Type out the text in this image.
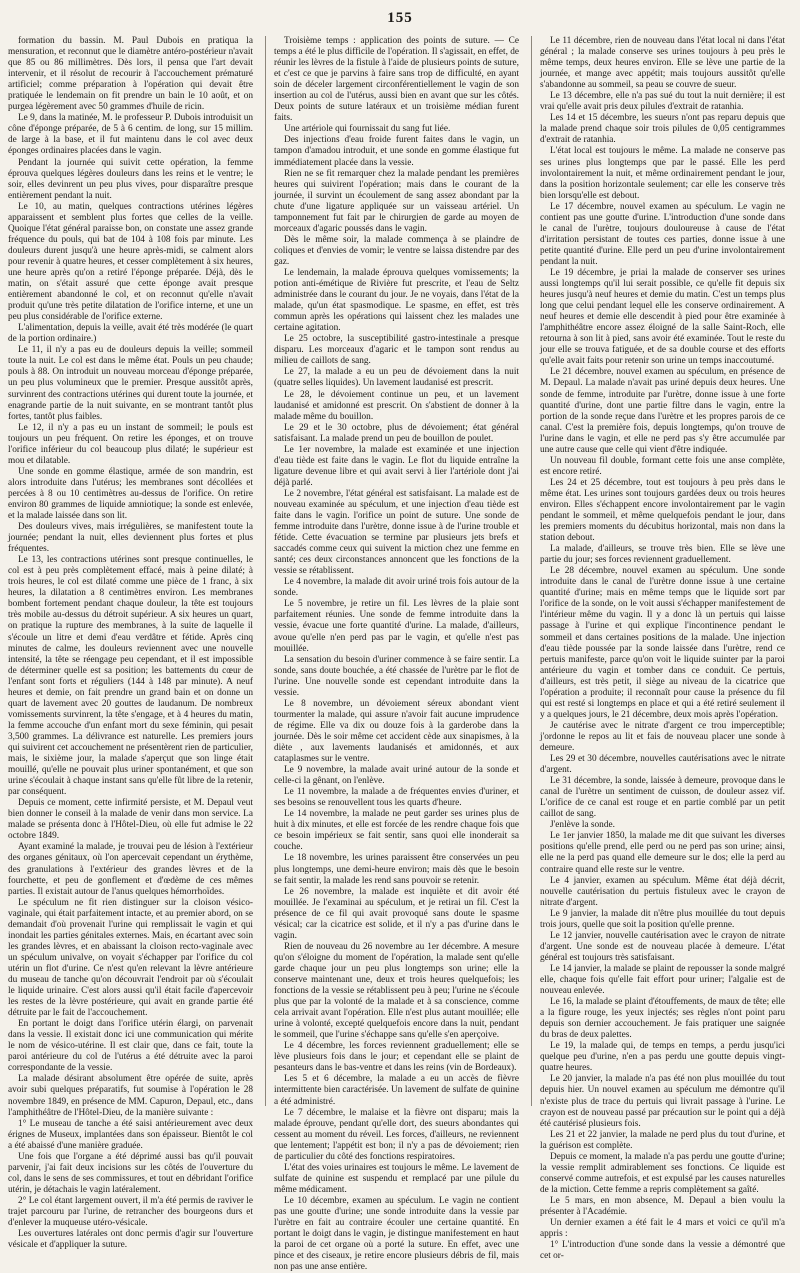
155

formation du bassin. M. Paul Dubois en pratiqua la mensuration, et reconnut que le diamètre antéro-postérieur n'avait que 85 ou 86 millimètres. Dès lors, il pensa que l'art devait intervenir, et il résolut de recourir à l'accouchement prématuré artificiel; comme préparation à l'opération qui devait être pratiquée le lendemain on fit prendre un bain le 10 août, et on purgea légèrement avec 50 grammes d'huile de ricin.

Le 9, dans la matinée, M. le professeur P. Dubois introduisit un cône d'éponge préparée, de 5 à 6 centim. de long, sur 15 millim. de large à la base, et il fut maintenu dans le col avec deux éponges ordinaires placées dans le vagin.

Pendant la journée qui suivit cette opération, la femme éprouva quelques légères douleurs dans les reins et le ventre; le soir, elles devinrent un peu plus vives, pour disparaître presque entièrement pendant la nuit.

Le 10, au matin, quelques contractions utérines légères apparaissent et semblent plus fortes que celles de la veille. Quoique l'état général paraisse bon, on constate une assez grande fréquence du pouls, qui bat de 104 à 108 fois par minute. Les douleurs durent jusqu'à une heure après-midi, se calment alors pour revenir à quatre heures, et cesser complètement à six heures, une heure après qu'on a retiré l'éponge préparée. Déjà, dès le matin, on s'était assuré que cette éponge avait presque entièrement abandonné le col, et on reconnut qu'elle n'avait produit qu'une très petite dilatation de l'orifice interne, et une un peu plus considérable de l'orifice externe.

L'alimentation, depuis la veille, avait été très modérée (le quart de la portion ordinaire.)

Le 11, il n'y a pas eu de douleurs depuis la veille; sommeil toute la nuit. Le col est dans le même état. Pouls un peu chaude; pouls à 88. On introduit un nouveau morceau d'éponge préparée, un peu plus volumineux que le premier. Presque aussitôt après, survinrent des contractions utérines qui durent toute la journée, et enagrande partie de la nuit suivante, en se montrant tantôt plus fortes, tantôt plus faibles.

Le 12, il n'y a pas eu un instant de sommeil; le pouls est toujours un peu fréquent. On retire les éponges, et on trouve l'orifice inférieur du col beaucoup plus dilaté; le supérieur est mou et dilatable.

Une sonde en gomme élastique, armée de son mandrin, est alors introduite dans l'utérus; les membranes sont décollées et percées à 8 ou 10 centimètres au-dessus de l'orifice. On retire environ 80 grammes de liquide amniotique; la sonde est enlevée, et la malade laissée dans son lit.

Des douleurs vives, mais irrégulières, se manifestent toute la journée; pendant la nuit, elles deviennent plus fortes et plus fréquentes.

Le 13, les contractions utérines sont presque continuelles, le col est à peu près complètement effacé, mais à peine dilaté; à trois heures, le col est dilaté comme une pièce de 1 franc, à six heures, la dilatation a 8 centimètres environ. Les membranes bombent fortement pendant chaque douleur, la tête est toujours très mobile au-dessus du détroit supérieur. A six heures un quart, on pratique la rupture des membranes, à la suite de laquelle il s'écoule un litre et demi d'eau verdâtre et fétide. Après cinq minutes de calme, les douleurs reviennent avec une nouvelle intensité, la tête se réengage peu cependant, et il est impossible de déterminer quelle est sa position; les battements du cœur de l'enfant sont forts et réguliers (144 à 148 par minute). A neuf heures et demie, on fait prendre un grand bain et on donne un quart de lavement avec 20 gouttes de laudanum. De nombreux vomissements survinrent, la tête s'engage, et à 4 heures du matin, la femme accouche d'un enfant mort du sexe féminin, qui pesait 3,500 grammes. La délivrance est naturelle. Les premiers jours qui suivirent cet accouchement ne présentèrent rien de particulier, mais, le sixième jour, la malade s'aperçut que son linge était mouillé, qu'elle ne pouvait plus uriner spontanément, et que son urine s'écoulait à chaque instant sans qu'elle fût libre de la retenir, par conséquent.

Depuis ce moment, cette infirmité persiste, et M. Depaul veut bien donner le conseil à la malade de venir dans mon service. La malade se présenta donc à l'Hôtel-Dieu, où elle fut admise le 22 octobre 1849.

Ayant examiné la malade, je trouvai peu de lésion à l'extérieur des organes génitaux, où l'on apercevait cependant un érythème, des granulations à l'extérieur des grandes lèvres et de la fourchette, et peu de gonflement et d'œdème de ces mêmes parties. Il existait autour de l'anus quelques hémorrhoïdes.

Le spéculum ne fit rien distinguer sur la cloison vésico-vaginale, qui était parfaitement intacte, et au premier abord, on se demandait d'où provenait l'urine qui remplissait le vagin et qui inondait les parties génitales externes. Mais, en écartant avec soin les grandes lèvres, et en abaissant la cloison recto-vaginale avec un spéculum univalve, on voyait s'échapper par l'orifice du col utérin un flot d'urine. Ce n'est qu'en relevant la lèvre antérieure du museau de tanche qu'on découvrait l'endroit par où s'écoulait le liquide urinaire. C'est alors aussi qu'il était facile d'apercevoir les restes de la lèvre postérieure, qui avait en grande partie été détruite par le fait de l'accouchement.

En portant le doigt dans l'orifice utérin élargi, on parvenait dans la vessie. Il existait donc ici une communication qui mérite le nom de vésico-utérine. Il est clair que, dans ce fait, toute la paroi antérieure du col de l'utérus a été détruite avec la paroi correspondante de la vessie.

La malade désirant absolument être opérée de suite, après avoir subi quelques préparatifs, fut soumise à l'opération le 28 novembre 1849, en présence de MM. Capuron, Depaul, etc., dans l'amphithéâtre de l'Hôtel-Dieu, de la manière suivante :

1° Le museau de tanche a été saisi antérieurement avec deux érignes de Museux, implantées dans son épaisseur. Bientôt le col a été abaissé d'une manière graduée.

Une fois que l'organe a été déprimé aussi bas qu'il pouvait parvenir, j'ai fait deux incisions sur les côtés de l'ouverture du col, dans le sens de ses commissures, et tout en débridant l'orifice utérin, je détachais le vagin latéralement.

2° Le col étant largement ouvert, il m'a été permis de raviver le trajet parcouru par l'urine, de retrancher des bourgeons durs et d'enlever la muqueuse utéro-vésicale.

Les ouvertures latérales ont donc permis d'agir sur l'ouverture vésicale et d'appliquer la suture.

Troisième temps : application des points de suture. — Ce temps a été le plus difficile de l'opération. Il s'agissait, en effet, de réunir les lèvres de la fistule à l'aide de plusieurs points de suture, et c'est ce que je parvins à faire sans trop de difficulté, en ayant soin de déceler largement circonférentiellement le vagin de son insertion au col de l'utérus, aussi bien en avant que sur les côtés. Deux points de suture latéraux et un troisième médian furent faits.

Une artériole qui fournissait du sang fut liée.

Des injections d'eau froide furent faites dans le vagin, un tampon d'amadou introduit, et une sonde en gomme élastique fut immédiatement placée dans la vessie.

Rien ne se fit remarquer chez la malade pendant les premières heures qui suivirent l'opération; mais dans le courant de la journée, il survint un écoulement de sang assez abondant par la chute d'une ligature appliquée sur un vaisseau artériel. Un tamponnement fut fait par le chirurgien de garde au moyen de morceaux d'agaric poussés dans le vagin.

Dès le même soir, la malade commença à se plaindre de coliques et d'envies de vomir; le ventre se laissa distendre par des gaz.

Le lendemain, la malade éprouva quelques vomissements; la potion anti-émétique de Rivière fut prescrite, et l'eau de Seltz administrée dans le courant du jour. Je ne voyais, dans l'état de la malade, qu'un état spasmodique. Le spasme, en effet, est très commun après les opérations qui laissent chez les malades une certaine agitation.

Le 25 octobre, la susceptibilité gastro-intestinale a presque disparu. Les morceaux d'agaric et le tampon sont rendus au milieu de caillots de sang.

Le 27, la malade a eu un peu de dévoiement dans la nuit (quatre selles liquides). Un lavement laudanisé est prescrit.

Le 28, le dévoiement continue un peu, et un lavement laudanisé et amidonné est prescrit. On s'abstient de donner à la malade même du bouillon.

Le 29 et le 30 octobre, plus de dévoiement; état général satisfaisant. La malade prend un peu de bouillon de poulet.

Le 1er novembre, la malade est examinée et une injection d'eau tiède est faite dans le vagin. Le flot du liquide entraîne la ligature devenue libre et qui avait servi à lier l'artériole dont j'ai déjà parlé.

Le 2 novembre, l'état général est satisfaisant. La malade est de nouveau examinée au spéculum, et une injection d'eau tiède est faite dans le vagin. l'orifice un point de suture. Une sonde de femme introduite dans l'urètre, donne issue à de l'urine trouble et fétide. Cette évacuation se termine par plusieurs jets brefs et saccadés comme ceux qui suivent la miction chez une femme en santé; ces deux circonstances annoncent que les fonctions de la vessie se rétablissent.

Le 4 novembre, la malade dit avoir uriné trois fois autour de la sonde.

Le 5 novembre, je retire un fil. Les lèvres de la plaie sont parfaitement réunies. Une sonde de femme introduite dans la vessie, évacue une forte quantité d'urine. La malade, d'ailleurs, avoue qu'elle n'en perd pas par le vagin, et qu'elle n'est pas mouillée.

La sensation du besoin d'uriner commence à se faire sentir. La sonde, sans doute bouchée, a été chassée de l'urètre par le flot de l'urine. Une nouvelle sonde est cependant introduite dans la vessie.

Le 8 novembre, un dévoiement séreux abondant vient tourmenter la malade, qui assure n'avoir fait aucune imprudence de régime. Elle va dix ou douze fois à la garderobe dans la journée. Dès le soir même cet accident cède aux sinapismes, à la diète , aux lavements laudanisés et amidonnés, et aux cataplasmes sur le ventre.

Le 9 novembre, la malade avait uriné autour de la sonde et celle-ci la gênant, on l'enlève.

Le 11 novembre, la malade a de fréquentes envies d'uriner, et ses besoins se renouvellent tous les quarts d'heure.

Le 14 novembre, la malade ne peut garder ses urines plus de huit à dix minutes, et elle est forcée de les rendre chaque fois que ce besoin impérieux se fait sentir, sans quoi elle inonderait sa couche.

Le 18 novembre, les urines paraissent être conservées un peu plus longtemps, une demi-heure environ; mais dès que le besoin se fait sentir, la malade les rend sans pouvoir se retenir.

Le 26 novembre, la malade est inquiète et dit avoir été mouillée. Je l'examinai au spéculum, et je retirai un fil. C'est la présence de ce fil qui avait provoqué sans doute le spasme vésical; car la cicatrice est solide, et il n'y a pas d'urine dans le vagin.

Rien de nouveau du 26 novembre au 1er décembre. A mesure qu'on s'éloigne du moment de l'opération, la malade sent qu'elle garde chaque jour un peu plus longtemps son urine; elle la conserve maintenant une, deux et trois heures quelquefois; les fonctions de la vessie se rétablissent peu à peu; l'urine ne s'écoule plus que par la volonté de la malade et à sa conscience, comme cela arrivait avant l'opération. Elle n'est plus autant mouillée; elle urine à volonté, excepté quelquefois encore dans la nuit, pendant le sommeil, que l'urine s'échappe sans qu'elle s'en aperçoive.

Le 4 décembre, les forces reviennent graduellement; elle se lève plusieurs fois dans le jour; et cependant elle se plaint de pesanteurs dans le bas-ventre et dans les reins (vin de Bordeaux).

Les 5 et 6 décembre, la malade a eu un accès de fièvre intermittente bien caractérisée. Un lavement de sulfate de quinine a été administré.

Le 7 décembre, le malaise et la fièvre ont disparu; mais la malade éprouve, pendant qu'elle dort, des sueurs abondantes qui cessent au moment du réveil. Les forces, d'ailleurs, ne reviennent que lentement; l'appétit est bon; il n'y a pas de dévoiement; rien de particulier du côté des fonctions respiratoires.

L'état des voies urinaires est toujours le même. Le lavement de sulfate de quinine est suspendu et remplacé par une pilule du même médicament.

Le 10 décembre, examen au spéculum. Le vagin ne contient pas une goutte d'urine; une sonde introduite dans la vessie par l'urètre en fait au contraire écouler une certaine quantité. En portant le doigt dans le vagin, je distingue manifestement en haut la paroi de cet organe où a porté la suture. En effet, avec une pince et des ciseaux, je retire encore plusieurs débris de fil, mais non pas une anse entière.

Le 11 décembre, rien de nouveau dans l'état local ni dans l'état général ; la malade conserve ses urines toujours à peu près le même temps, deux heures environ. Elle se lève une partie de la journée, et mange avec appétit; mais toujours aussitôt qu'elle s'abandonne au sommeil, sa peau se couvre de sueur.

Le 13 décembre, elle n'a pas sué du tout la nuit dernière; il est vrai qu'elle avait pris deux pilules d'extrait de ratanhia.

Les 14 et 15 décembre, les sueurs n'ont pas reparu depuis que la malade prend chaque soir trois pilules de 0,05 centigrammes d'extrait de ratanhia.

L'état local est toujours le même. La malade ne conserve pas ses urines plus longtemps que par le passé. Elle les perd involontairement la nuit, et même ordinairement pendant le jour, dans la position horizontale seulement; car elle les conserve très bien lorsqu'elle est debout.

Le 17 décembre, nouvel examen au spéculum. Le vagin ne contient pas une goutte d'urine. L'introduction d'une sonde dans le canal de l'urètre, toujours douloureuse à cause de l'état d'irritation persistant de toutes ces parties, donne issue à une petite quantité d'urine. Elle perd un peu d'urine involontairement pendant la nuit.

Le 19 décembre, je priai la malade de conserver ses urines aussi longtemps qu'il lui serait possible, ce qu'elle fit depuis six heures jusqu'à neuf heures et demie du matin. C'est un temps plus long que celui pendant lequel elle les conserve ordinairement. A neuf heures et demie elle descendit à pied pour être examinée à l'amphithéâtre encore assez éloigné de la salle Saint-Roch, elle retourna à son lit à pied, sans avoir été examinée. Tout le reste du jour elle se trouva fatiguée, et de sa double course et des efforts qu'elle avait faits pour retenir son urine un temps inaccoutumé.

Le 21 décembre, nouvel examen au spéculum, en présence de M. Depaul. La malade n'avait pas uriné depuis deux heures. Une sonde de femme, introduite par l'urètre, donne issue à une forte quantité d'urine, dont une partie filtre dans le vagin, entre la portion de la sonde reçue dans l'urètre et les propres parois de ce canal. C'est la première fois, depuis longtemps, qu'on trouve de l'urine dans le vagin, et elle ne perd pas s'y être accumulée par une autre cause que celle qui vient d'être indiquée.

Un nouveau fil double, formant cette fois une anse complète, est encore retiré.

Les 24 et 25 décembre, tout est toujours à peu près dans le même état. Les urines sont toujours gardées deux ou trois heures environ. Elles s'échappent encore involontairement par le vagin pendant le sommeil, et même quelquefois pendant le jour, dans les premiers moments du décubitus horizontal, mais non dans la station debout.

La malade, d'ailleurs, se trouve très bien. Elle se lève une partie du jour; ses forces reviennent graduellement.

Le 28 décembre, nouvel examen au spéculum. Une sonde introduite dans le canal de l'urètre donne issue à une certaine quantité d'urine; mais en même temps que le liquide sort par l'orifice de la sonde, on le voit aussi s'échapper manifestement de l'intérieur même du vagin. Il y a donc là un pertuis qui laisse passage à l'urine et qui explique l'incontinence pendant le sommeil et dans certaines positions de la malade. Une injection d'eau tiède poussée par la sonde laissée dans l'urètre, rend ce pertuis manifeste, parce qu'on voit le liquide suinter par la paroi antérieure du vagin et tomber dans ce conduit. Ce pertuis, d'ailleurs, est très petit, il siège au niveau de la cicatrice que l'opération a produite; il reconnaît pour cause la présence du fil qui est resté si longtemps en place et qui a été retiré seulement il y a quelques jours, le 21 décembre, deux mois après l'opération.

Je cautérise avec le nitrate d'argent ce trou imperceptible; j'ordonne le repos au lit et fais de nouveau placer une sonde à demeure.

Les 29 et 30 décembre, nouvelles cautérisations avec le nitrate d'argent.

Le 31 décembre, la sonde, laissée à demeure, provoque dans le canal de l'urètre un sentiment de cuisson, de douleur assez vif. L'orifice de ce canal est rouge et en partie comblé par un petit caillot de sang.

J'enlève la sonde.

Le 1er janvier 1850, la malade me dit que suivant les diverses positions qu'elle prend, elle perd ou ne perd pas son urine; ainsi, elle ne la perd pas quand elle demeure sur le dos; elle la perd au contraire quand elle reste sur le ventre.

Le 4 janvier, examen au spéculum. Même état déjà décrit, nouvelle cautérisation du pertuis fistuleux avec le crayon de nitrate d'argent.

Le 9 janvier, la malade dit n'être plus mouillée du tout depuis trois jours, quelle que soit la position qu'elle prenne.

Le 12 janvier, nouvelle cautérisation avec le crayon de nitrate d'argent. Une sonde est de nouveau placée à demeure. L'état général est toujours très satisfaisant.

Le 14 janvier, la malade se plaint de repousser la sonde malgré elle, chaque fois qu'elle fait effort pour uriner; l'algalie est de nouveau enlevée.

Le 16, la malade se plaint d'étouffements, de maux de tête; elle a la figure rouge, les yeux injectés; ses règles n'ont point paru depuis son dernier accouchement. Je fais pratiquer une saignée du bras de deux palettes.

Le 19, la malade qui, de temps en temps, a perdu jusqu'ici quelque peu d'urine, n'en a pas perdu une goutte depuis vingt-quatre heures.

Le 20 janvier, la malade n'a pas été non plus mouillée du tout depuis hier. Un nouvel examen au spéculum me démontre qu'il n'existe plus de trace du pertuis qui livrait passage à l'urine. Le crayon est de nouveau passé par précaution sur le point qui a déjà été cautérisé plusieurs fois.

Les 21 et 22 janvier, la malade ne perd plus du tout d'urine, et la guérison est complète.

Depuis ce moment, la malade n'a pas perdu une goutte d'urine; la vessie remplit admirablement ses fonctions. Ce liquide est conservé comme autrefois, et est expulsé par les causes naturelles de la miction. Cette femme a repris complètement sa gaîté.

Le 5 mars, en mon absence, M. Depaul a bien voulu la présenter à l'Académie.

Un dernier examen a été fait le 4 mars et voici ce qu'il m'a appris :

1° L'introduction d'une sonde dans la vessie a démontré que cet or-
